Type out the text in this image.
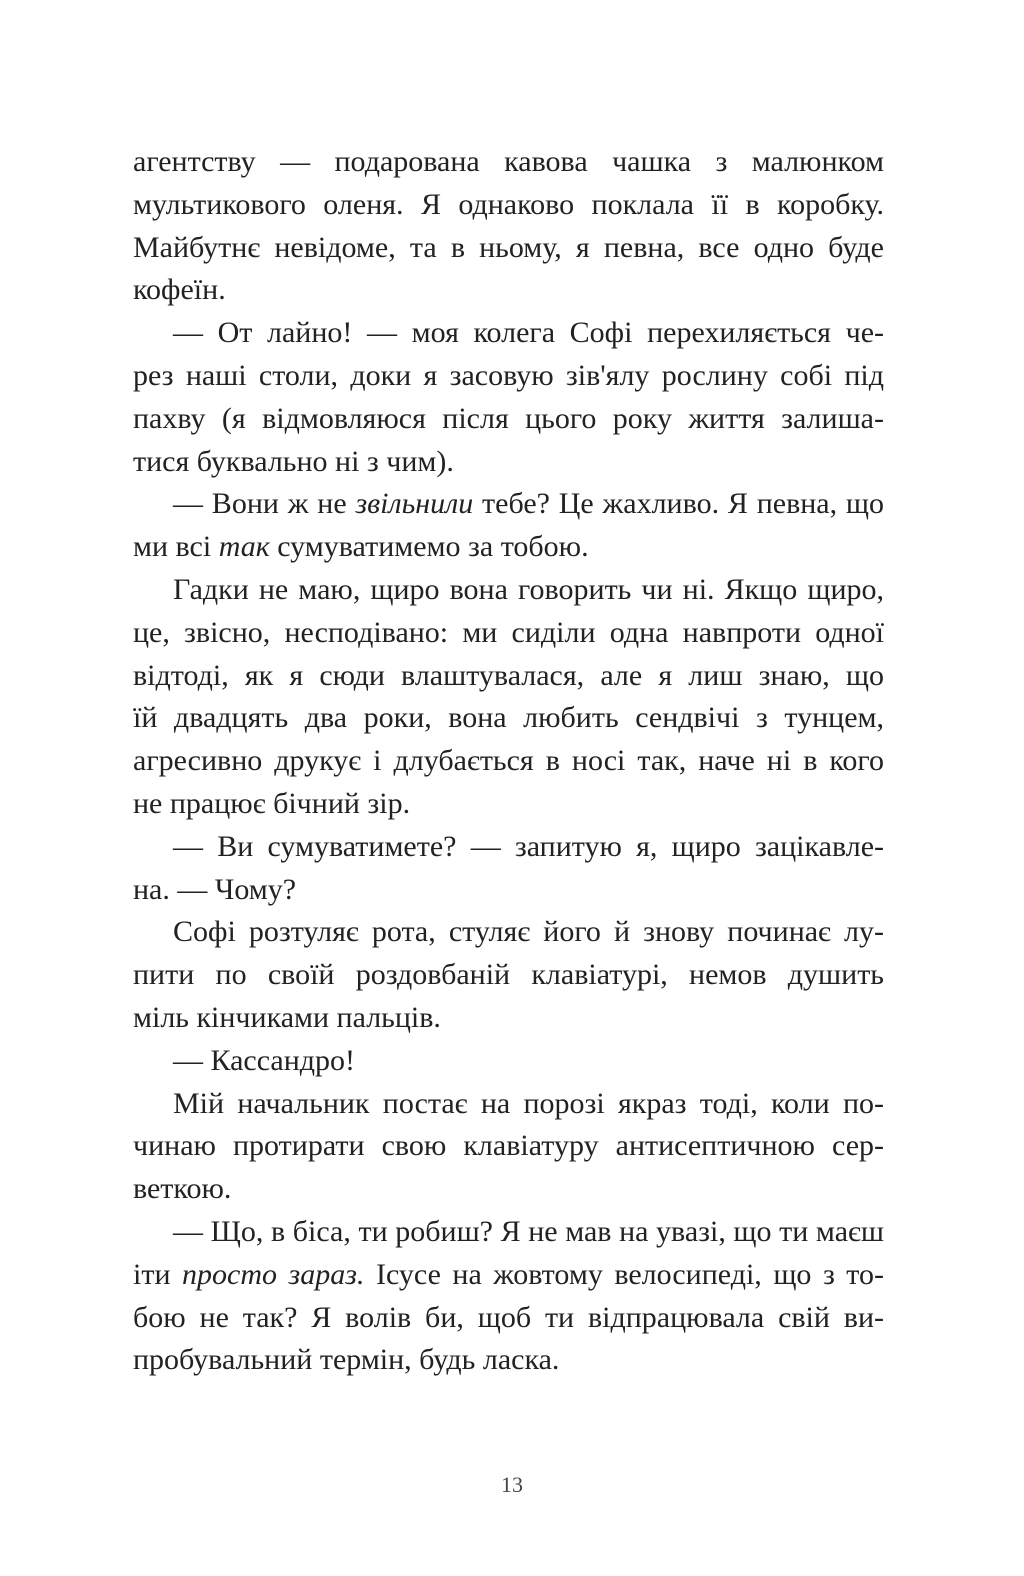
агентству — подарована кавова чашка з малюнком
мультикового оленя. Я однаково поклала її в коробку.
Майбутнє невідоме, та в ньому, я певна, все одно буде
кофеїн.
— От лайно! — моя колега Софі перехиляється че-
рез наші столи, доки я засовую зів'ялу рослину собі під
пахву (я відмовляюся після цього року життя залиша-
тися буквально ні з чим).
— Вони ж не звільнили тебе? Це жахливо. Я певна, що
ми всі так сумуватимемо за тобою.
Гадки не маю, щиро вона говорить чи ні. Якщо щиро,
це, звісно, несподівано: ми сиділи одна навпроти одної
відтоді, як я сюди влаштувалася, але я лиш знаю, що
їй двадцять два роки, вона любить сендвічі з тунцем,
агресивно друкує і длубається в носі так, наче ні в кого
не працює бічний зір.
— Ви сумуватимете? — запитую я, щиро зацікавле-
на. — Чому?
Софі розтуляє рота, стуляє його й знову починає лу-
пити по своїй роздовбаній клавіатурі, немов душить
міль кінчиками пальців.
— Кассандро!
Мій начальник постає на порозі якраз тоді, коли по-
чинаю протирати свою клавіатуру антисептичною сер-
веткою.
— Що, в біса, ти робиш? Я не мав на увазі, що ти маєш
іти просто зараз. Ісусе на жовтому велосипеді, що з то-
бою не так? Я волів би, щоб ти відпрацювала свій ви-
пробувальний термін, будь ласка.
13
